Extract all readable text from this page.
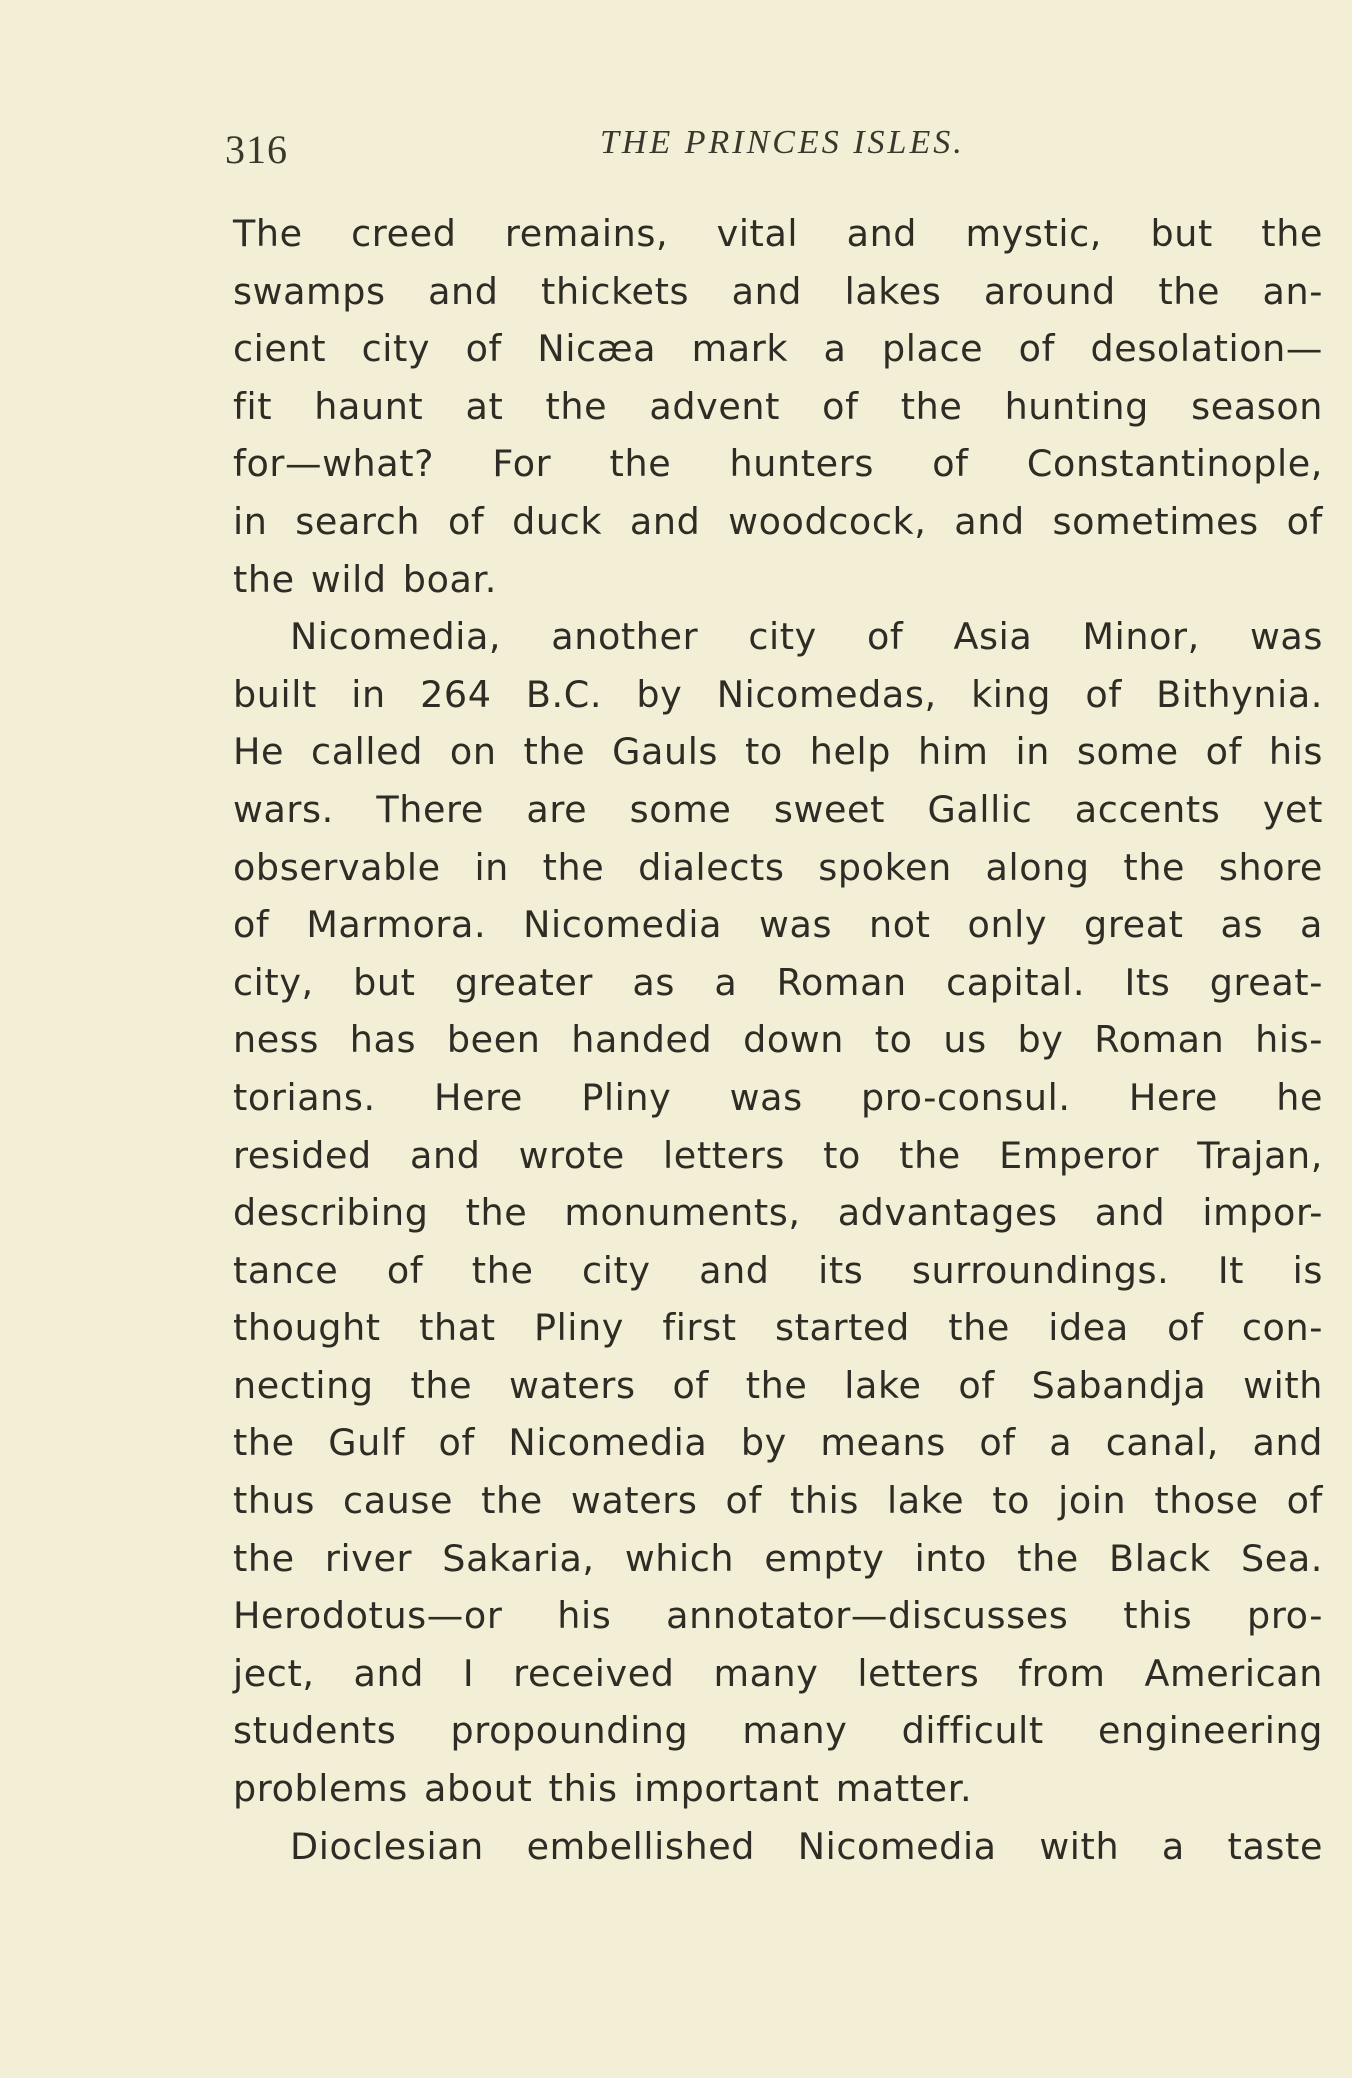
316	THE PRINCES ISLES.
The creed remains, vital and mystic, but the
swamps and thickets and lakes around the an-
cient city of Nicæa mark a place of desolation—
fit haunt at the advent of the hunting season
for—what? For the hunters of Constantinople,
in search of duck and woodcock, and sometimes of
the wild boar.
Nicomedia, another city of Asia Minor, was
built in 264 B.C. by Nicomedas, king of Bithynia.
He called on the Gauls to help him in some of his
wars. There are some sweet Gallic accents yet
observable in the dialects spoken along the shore
of Marmora. Nicomedia was not only great as a
city, but greater as a Roman capital. Its great-
ness has been handed down to us by Roman his-
torians. Here Pliny was pro-consul. Here he
resided and wrote letters to the Emperor Trajan,
describing the monuments, advantages and impor-
tance of the city and its surroundings. It is
thought that Pliny first started the idea of con-
necting the waters of the lake of Sabandja with
the Gulf of Nicomedia by means of a canal, and
thus cause the waters of this lake to join those of
the river Sakaria, which empty into the Black Sea.
Herodotus—or his annotator—discusses this pro-
ject, and I received many letters from American
students propounding many difficult engineering
problems about this important matter.
Dioclesian embellished Nicomedia with a taste
